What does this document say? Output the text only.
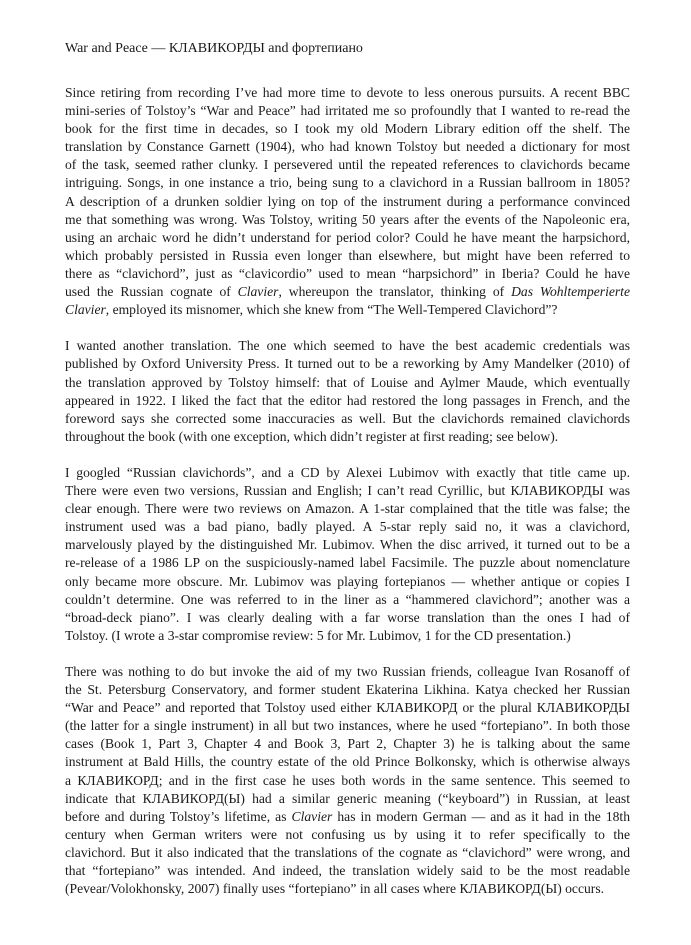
War and Peace — КЛАВИКОРДЫ and фортепиано

Since retiring from recording I’ve had more time to devote to less onerous pursuits. A recent BBC
mini-series of Tolstoy’s “War and Peace” had irritated me so profoundly that I wanted to re-read the
book for the first time in decades, so I took my old Modern Library edition off the shelf. The
translation by Constance Garnett (1904), who had known Tolstoy but needed a dictionary for most
of the task, seemed rather clunky. I persevered until the repeated references to clavichords became
intriguing. Songs, in one instance a trio, being sung to a clavichord in a Russian ballroom in 1805?
A description of a drunken soldier lying on top of the instrument during a performance convinced
me that something was wrong. Was Tolstoy, writing 50 years after the events of the Napoleonic era,
using an archaic word he didn’t understand for period color? Could he have meant the harpsichord,
which probably persisted in Russia even longer than elsewhere, but might have been referred to
there as “clavichord”, just as “clavicordio” used to mean “harpsichord” in Iberia? Could he have
used the Russian cognate of Clavier, whereupon the translator, thinking of Das Wohltemperierte
Clavier, employed its misnomer, which she knew from “The Well-Tempered Clavichord”?

I wanted another translation. The one which seemed to have the best academic credentials was
published by Oxford University Press. It turned out to be a reworking by Amy Mandelker (2010) of
the translation approved by Tolstoy himself: that of Louise and Aylmer Maude, which eventually
appeared in 1922. I liked the fact that the editor had restored the long passages in French, and the
foreword says she corrected some inaccuracies as well. But the clavichords remained clavichords
throughout the book (with one exception, which didn’t register at first reading; see below).

I googled “Russian clavichords”, and a CD by Alexei Lubimov with exactly that title came up.
There were even two versions, Russian and English; I can’t read Cyrillic, but КЛАВИКОРДЫ was
clear enough. There were two reviews on Amazon. A 1-star complained that the title was false; the
instrument used was a bad piano, badly played. A 5-star reply said no, it was a clavichord,
marvelously played by the distinguished Mr. Lubimov. When the disc arrived, it turned out to be a
re-release of a 1986 LP on the suspiciously-named label Facsimile. The puzzle about nomenclature
only became more obscure. Mr. Lubimov was playing fortepianos — whether antique or copies I
couldn’t determine. One was referred to in the liner as a “hammered clavichord”; another was a
“broad-deck piano”. I was clearly dealing with a far worse translation than the ones I had of
Tolstoy. (I wrote a 3-star compromise review: 5 for Mr. Lubimov, 1 for the CD presentation.)

There was nothing to do but invoke the aid of my two Russian friends, colleague Ivan Rosanoff of
the St. Petersburg Conservatory, and former student Ekaterina Likhina. Katya checked her Russian
“War and Peace” and reported that Tolstoy used either КЛАВИКОРД or the plural КЛАВИКОРДЫ
(the latter for a single instrument) in all but two instances, where he used “fortepiano”. In both those
cases (Book 1, Part 3, Chapter 4 and Book 3, Part 2, Chapter 3) he is talking about the same
instrument at Bald Hills, the country estate of the old Prince Bolkonsky, which is otherwise always
a КЛАВИКОРД; and in the first case he uses both words in the same sentence. This seemed to
indicate that КЛАВИКОРД(Ы) had a similar generic meaning (“keyboard”) in Russian, at least
before and during Tolstoy’s lifetime, as Clavier has in modern German — and as it had in the 18th
century when German writers were not confusing us by using it to refer specifically to the
clavichord. But it also indicated that the translations of the cognate as “clavichord” were wrong, and
that “fortepiano” was intended. And indeed, the translation widely said to be the most readable
(Pevear/Volokhonsky, 2007) finally uses “fortepiano” in all cases where КЛАВИКОРД(Ы) occurs.
